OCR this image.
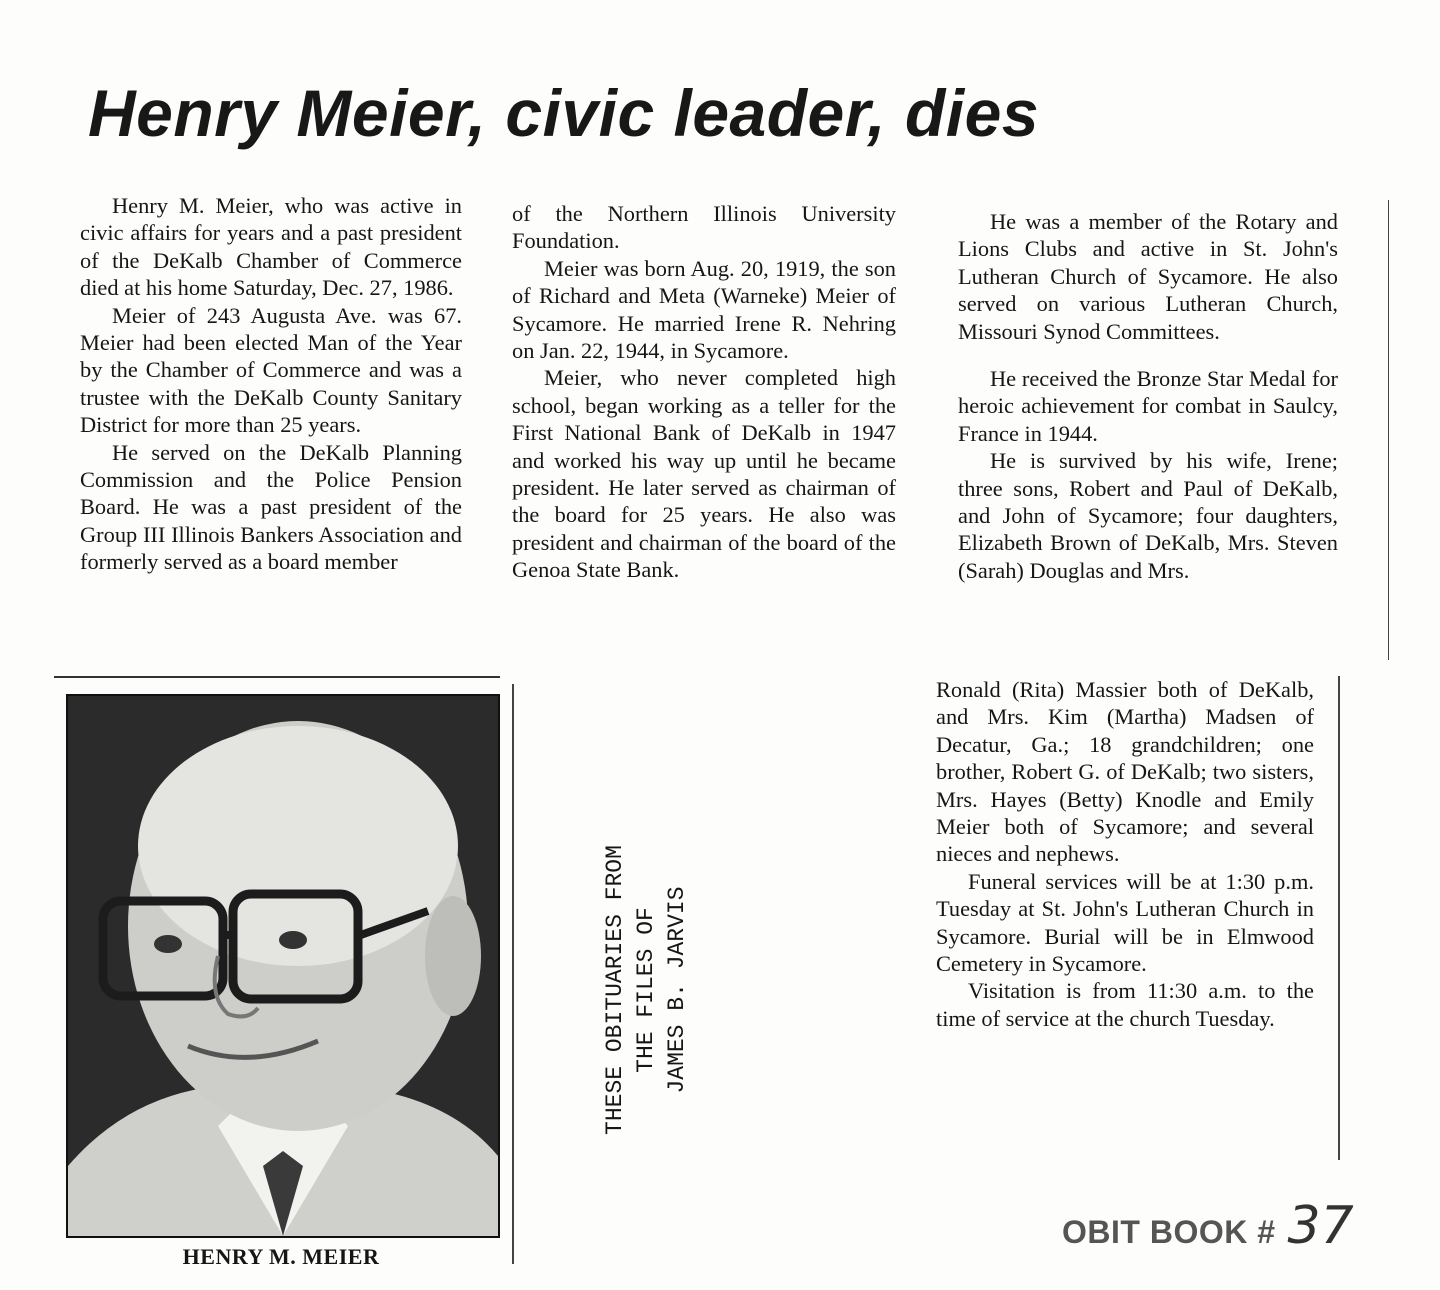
Henry Meier, civic leader, dies

Henry M. Meier, who was active in civic affairs for years and a past president of the DeKalb Chamber of Commerce died at his home Saturday, Dec. 27, 1986.

Meier of 243 Augusta Ave. was 67. Meier had been elected Man of the Year by the Chamber of Commerce and was a trustee with the DeKalb County Sanitary District for more than 25 years.

He served on the DeKalb Planning Commission and the Police Pension Board. He was a past president of the Group III Illinois Bankers Association and formerly served as a board member

of the Northern Illinois University Foundation.

Meier was born Aug. 20, 1919, the son of Richard and Meta (Warneke) Meier of Sycamore. He married Irene R. Nehring on Jan. 22, 1944, in Sycamore.

Meier, who never completed high school, began working as a teller for the First National Bank of DeKalb in 1947 and worked his way up until he became president. He later served as chairman of the board for 25 years. He also was president and chairman of the board of the Genoa State Bank.

He was a member of the Rotary and Lions Clubs and active in St. John's Lutheran Church of Sycamore. He also served on various Lutheran Church, Missouri Synod Committees.

He received the Bronze Star Medal for heroic achievement for combat in Saulcy, France in 1944.

He is survived by his wife, Irene; three sons, Robert and Paul of DeKalb, and John of Sycamore; four daughters, Elizabeth Brown of DeKalb, Mrs. Steven (Sarah) Douglas and Mrs.

Ronald (Rita) Massier both of DeKalb, and Mrs. Kim (Martha) Madsen of Decatur, Ga.; 18 grandchildren; one brother, Robert G. of DeKalb; two sisters, Mrs. Hayes (Betty) Knodle and Emily Meier both of Sycamore; and several nieces and nephews.

Funeral services will be at 1:30 p.m. Tuesday at St. John's Lutheran Church in Sycamore. Burial will be in Elmwood Cemetery in Sycamore.

Visitation is from 11:30 a.m. to the time of service at the church Tuesday.

HENRY M. MEIER
THESE OBITUARIES FROM THE FILES OF JAMES B. JARVIS
OBIT BOOK # 37
